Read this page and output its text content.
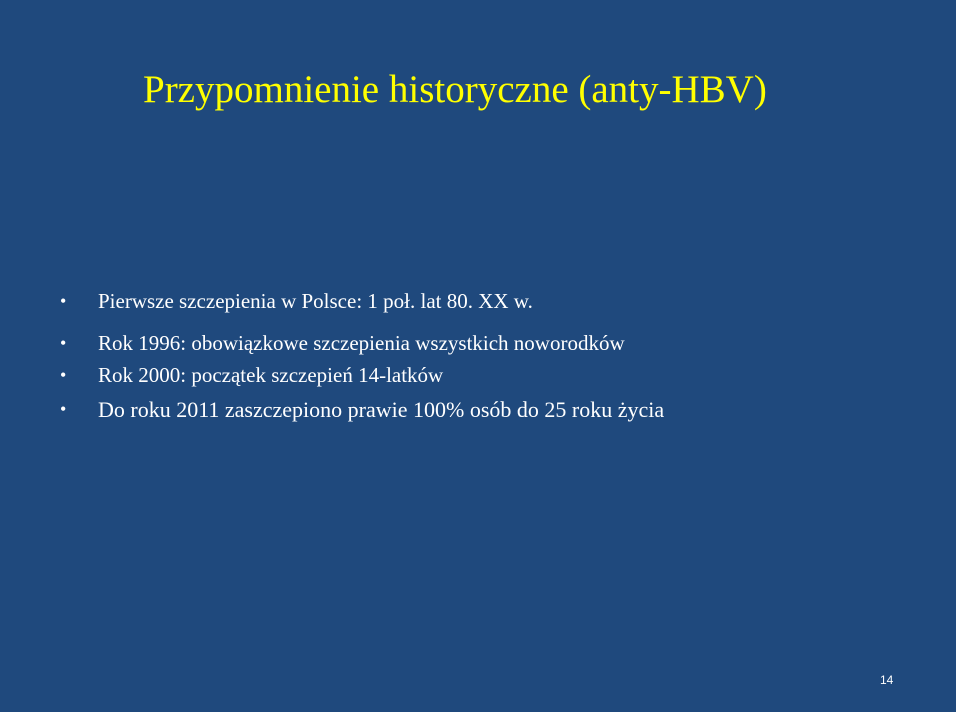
Przypomnienie historyczne (anty-HBV)
•	Pierwsze szczepienia w Polsce: 1 poł. lat 80. XX w.
•	Rok 1996: obowiązkowe szczepienia wszystkich noworodków
•	Rok 2000: początek szczepień 14-latków
•	Do roku 2011 zaszczepiono prawie 100% osób do 25 roku życia
14
